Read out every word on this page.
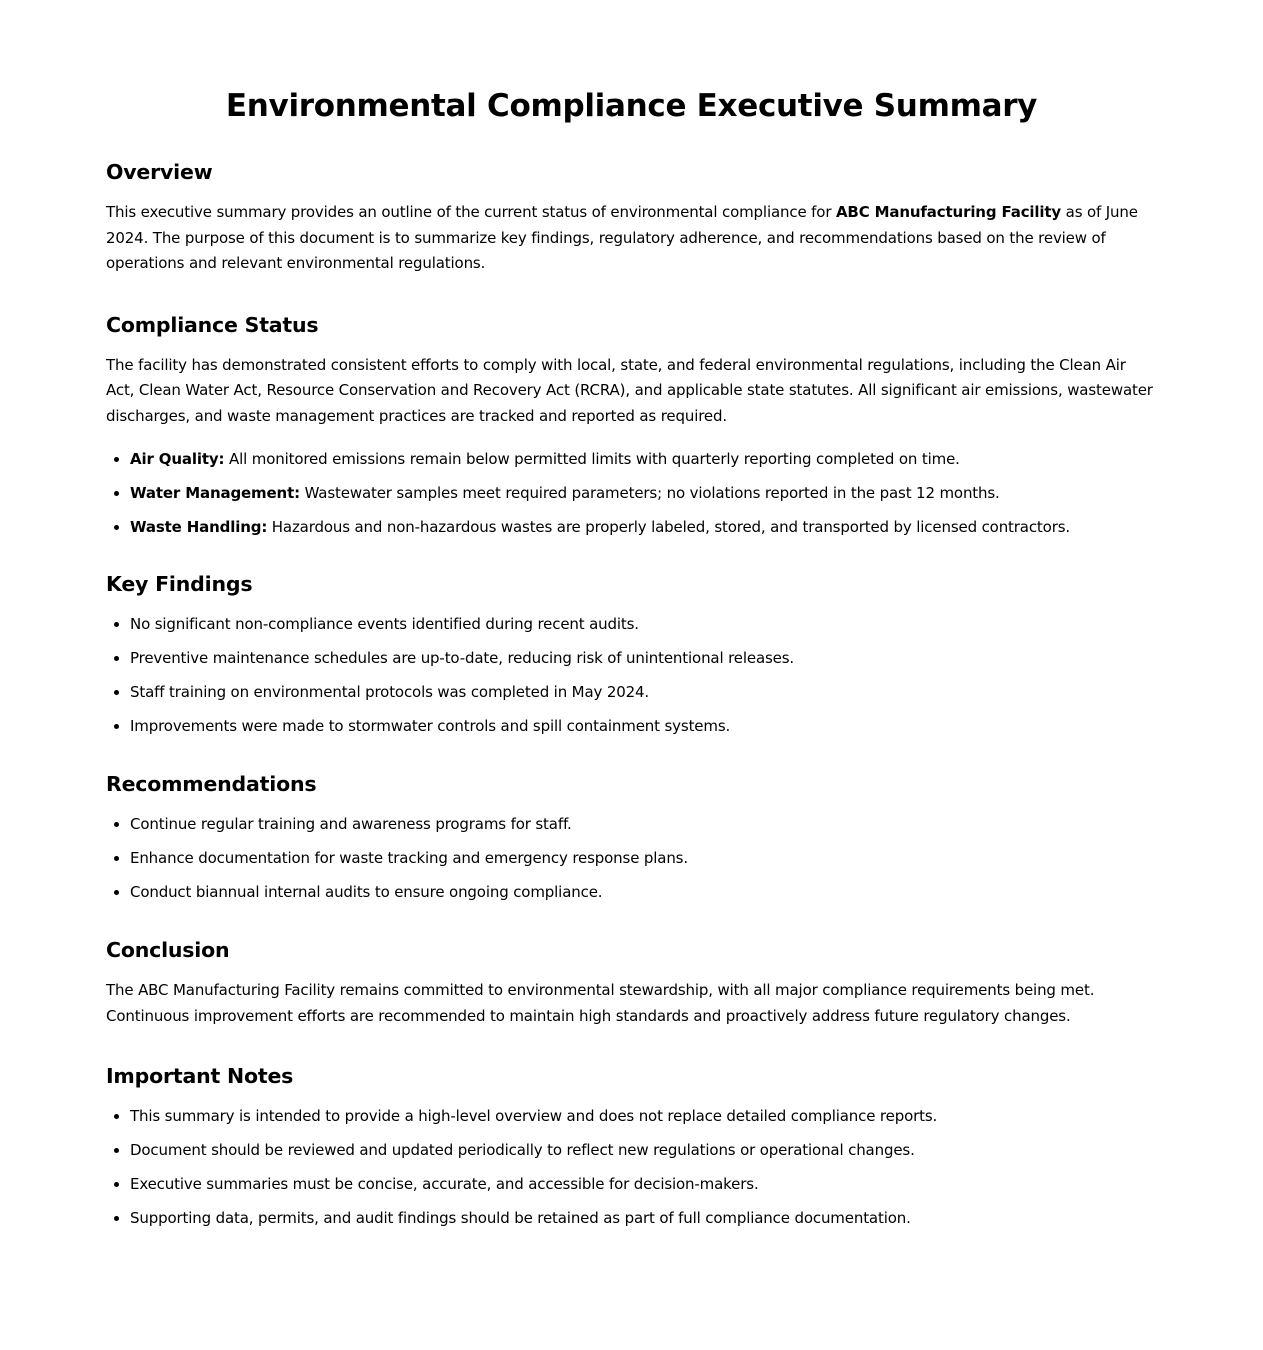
Environmental Compliance Executive Summary
Overview

This executive summary provides an outline of the current status of environmental compliance for ABC Manufacturing Facility as of June 2024. The purpose of this document is to summarize key findings, regulatory adherence, and recommendations based on the review of operations and relevant environmental regulations.

Compliance Status

The facility has demonstrated consistent efforts to comply with local, state, and federal environmental regulations, including the Clean Air Act, Clean Water Act, Resource Conservation and Recovery Act (RCRA), and applicable state statutes. All significant air emissions, wastewater discharges, and waste management practices are tracked and reported as required.

• Air Quality: All monitored emissions remain below permitted limits with quarterly reporting completed on time.
• Water Management: Wastewater samples meet required parameters; no violations reported in the past 12 months.
• Waste Handling: Hazardous and non-hazardous wastes are properly labeled, stored, and transported by licensed contractors.
Key Findings
• No significant non-compliance events identified during recent audits.
• Preventive maintenance schedules are up-to-date, reducing risk of unintentional releases.
• Staff training on environmental protocols was completed in May 2024.
• Improvements were made to stormwater controls and spill containment systems.
Recommendations
• Continue regular training and awareness programs for staff.
• Enhance documentation for waste tracking and emergency response plans.
• Conduct biannual internal audits to ensure ongoing compliance.
Conclusion

The ABC Manufacturing Facility remains committed to environmental stewardship, with all major compliance requirements being met. Continuous improvement efforts are recommended to maintain high standards and proactively address future regulatory changes.

Important Notes
• This summary is intended to provide a high-level overview and does not replace detailed compliance reports.
• Document should be reviewed and updated periodically to reflect new regulations or operational changes.
• Executive summaries must be concise, accurate, and accessible for decision-makers.
• Supporting data, permits, and audit findings should be retained as part of full compliance documentation.
